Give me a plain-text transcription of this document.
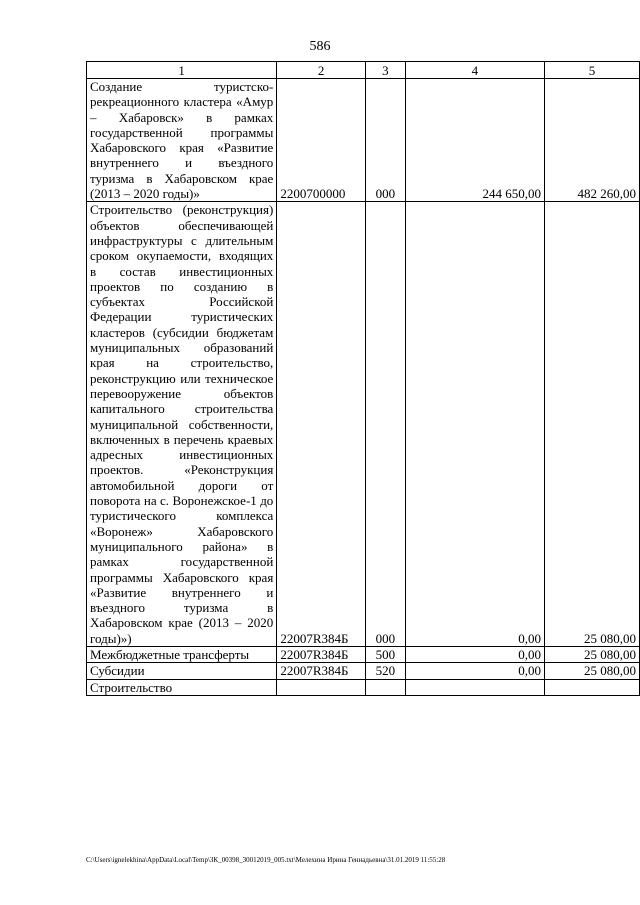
586
1	2	3	4	5
Создание туристско-рекреационного кластера «Амур – Хабаровск» в рамках государственной программы Хабаровского края «Развитие внутреннего и въездного туризма в Хабаровском крае (2013 – 2020 годы)»	2200700000	000	244 650,00	482 260,00
Строительство (реконструкция) объектов обеспечивающей инфраструктуры с длительным сроком окупаемости, входящих в состав инвестиционных проектов по созданию в субъектах Российской Федерации туристических кластеров (субсидии бюджетам муниципальных образований края на строительство, реконструкцию или техническое перевооружение объектов капитального строительства муниципальной собственности, включенных в перечень краевых адресных инвестиционных проектов. «Реконструкция автомобильной дороги от поворота на с. Воронежское-1 до туристического комплекса «Воронеж» Хабаровского муниципального района» в рамках государственной программы Хабаровского края «Развитие внутреннего и въездного туризма в Хабаровском крае (2013 – 2020 годы)»)	22007R384Б	000	0,00	25 080,00
Межбюджетные трансферты	22007R384Б	500	0,00	25 080,00
Субсидии	22007R384Б	520	0,00	25 080,00
Строительство				
C:\Users\ignelekhina\AppData\Local\Temp\ЗК_00398_30012019_005.txt\Мелехина Ирина Геннадьевна\31.01.2019 11:55:28
